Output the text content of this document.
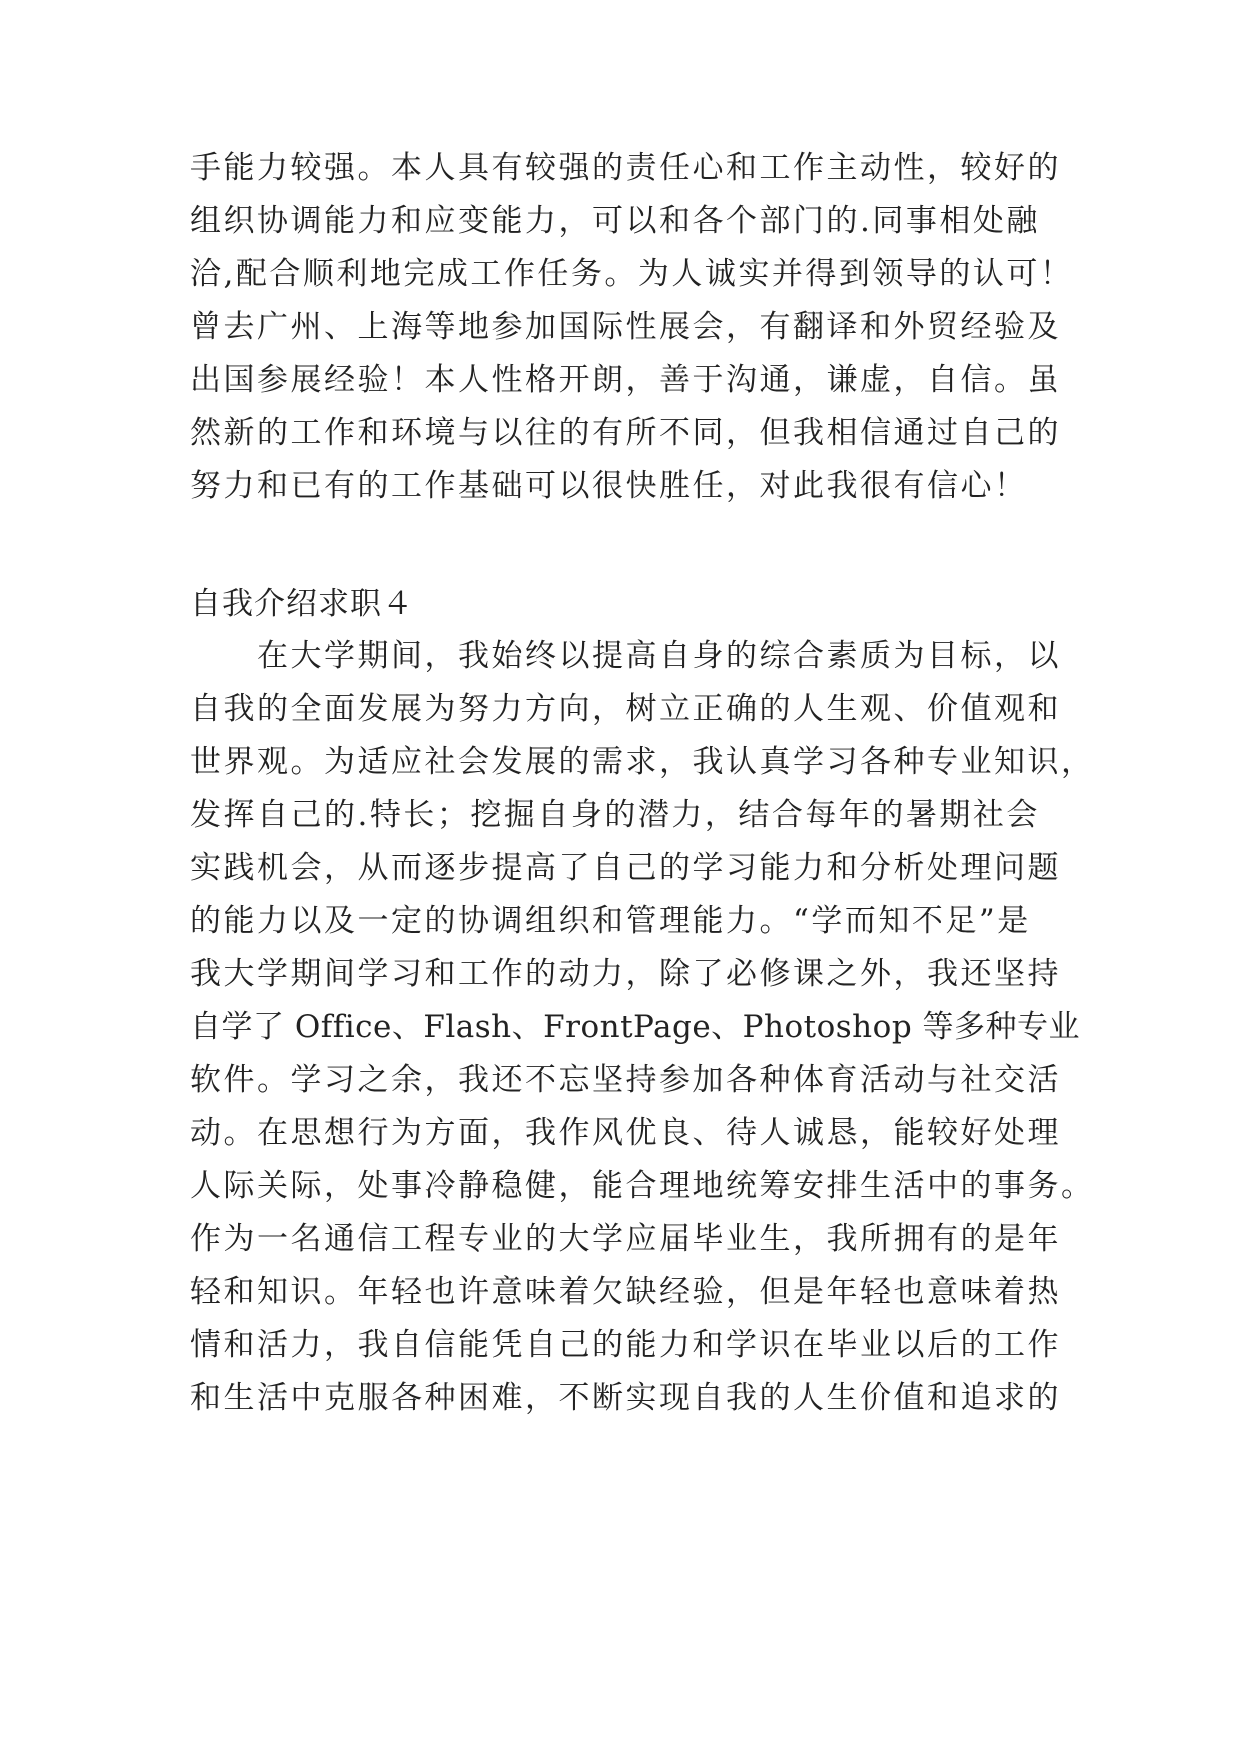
手能力较强。本人具有较强的责任心和工作主动性，较好的
组织协调能力和应变能力，可以和各个部门的.同事相处融
洽,配合顺利地完成工作任务。为人诚实并得到领导的认可！
曾去广州、上海等地参加国际性展会，有翻译和外贸经验及
出国参展经验！本人性格开朗，善于沟通，谦虚，自信。虽
然新的工作和环境与以往的有所不同，但我相信通过自己的
努力和已有的工作基础可以很快胜任，对此我很有信心！
自我介绍求职４
　　在大学期间，我始终以提高自身的综合素质为目标，以
自我的全面发展为努力方向，树立正确的人生观、价值观和
世界观。为适应社会发展的需求，我认真学习各种专业知识，
发挥自己的.特长；挖掘自身的潜力，结合每年的暑期社会
实践机会，从而逐步提高了自己的学习能力和分析处理问题
的能力以及一定的协调组织和管理能力。“学而知不足”是
我大学期间学习和工作的动力，除了必修课之外，我还坚持
自学了 Office、Flash、FrontPage、Photoshop 等多种专业
软件。学习之余，我还不忘坚持参加各种体育活动与社交活
动。在思想行为方面，我作风优良、待人诚恳，能较好处理
人际关际，处事冷静稳健，能合理地统筹安排生活中的事务。
作为一名通信工程专业的大学应届毕业生，我所拥有的是年
轻和知识。年轻也许意味着欠缺经验，但是年轻也意味着热
情和活力，我自信能凭自己的能力和学识在毕业以后的工作
和生活中克服各种困难，不断实现自我的人生价值和追求的
